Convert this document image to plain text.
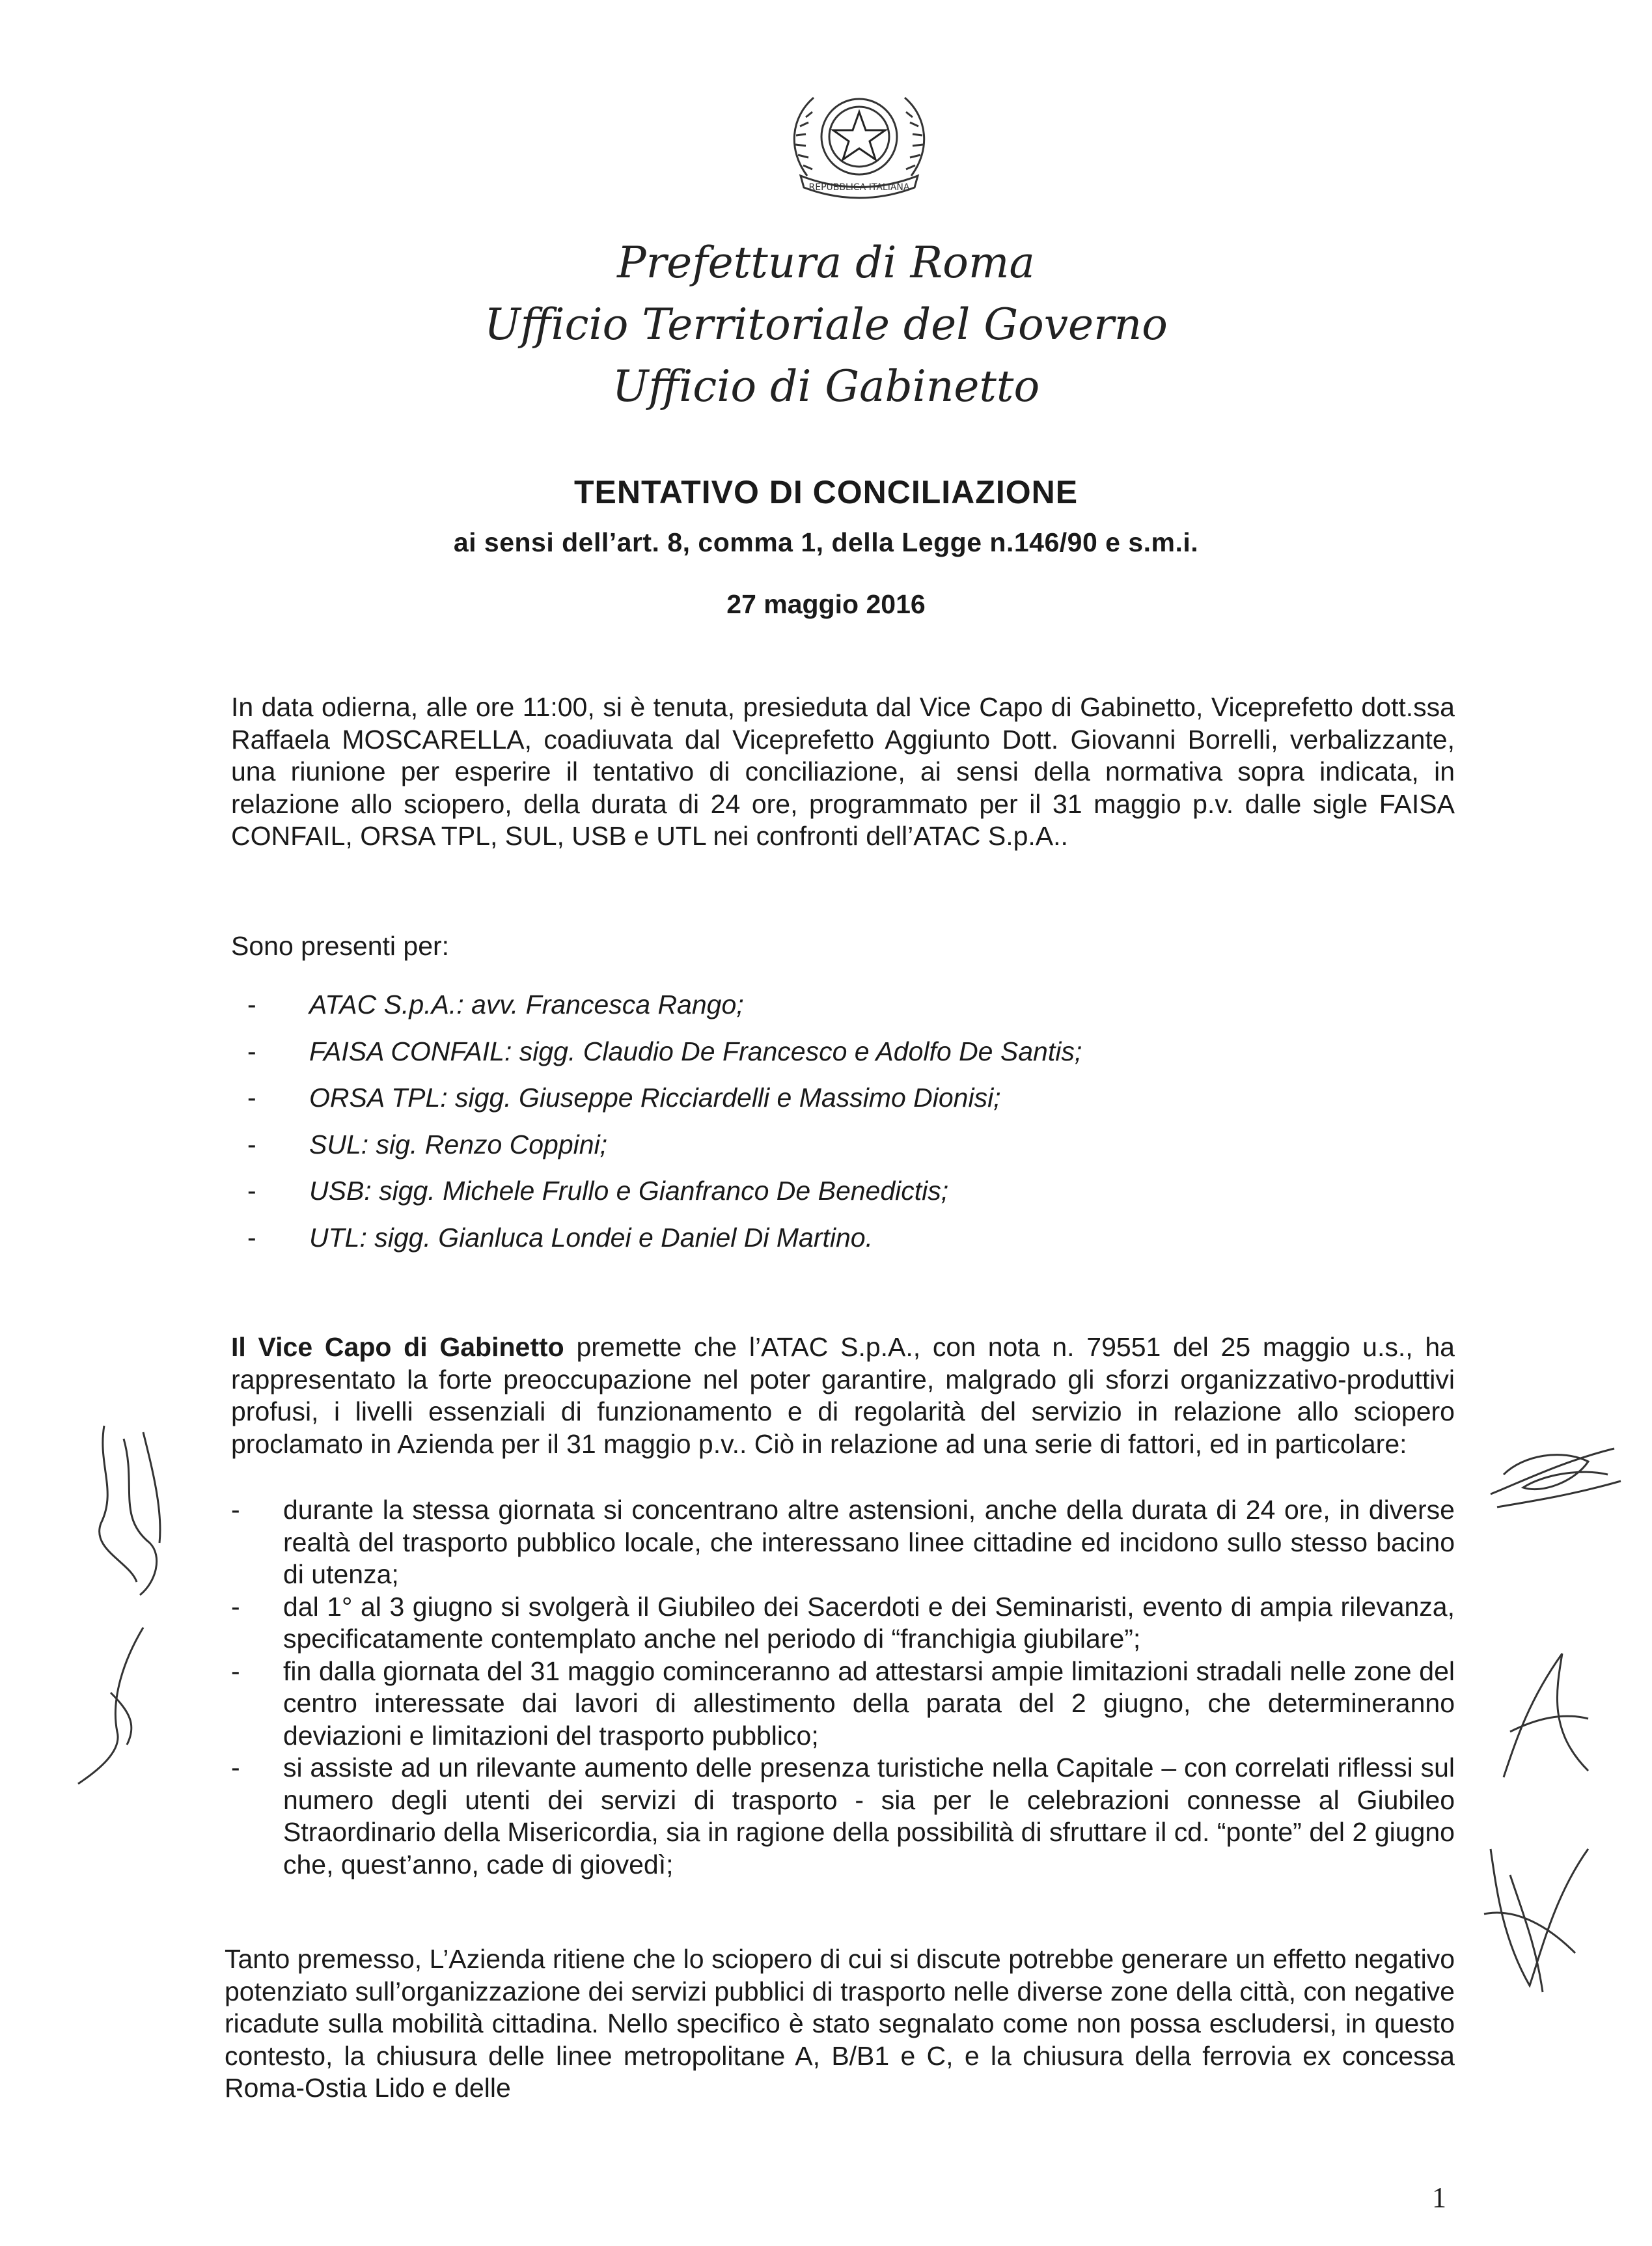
REPUBBLICA ITALIANA
Prefettura di Roma
Ufficio Territoriale del Governo
Ufficio di Gabinetto
TENTATIVO DI CONCILIAZIONE
ai sensi dell’art. 8, comma 1, della Legge n.146/90 e s.m.i.
27 maggio 2016
In data odierna, alle ore 11:00, si è tenuta, presieduta dal Vice Capo di Gabinetto, Viceprefetto dott.ssa Raffaela MOSCARELLA, coadiuvata dal Viceprefetto Aggiunto Dott. Giovanni Borrelli, verbalizzante, una riunione per esperire il tentativo di conciliazione, ai sensi della normativa sopra indicata, in relazione allo sciopero, della durata di 24 ore, programmato per il 31 maggio p.v. dalle sigle FAISA CONFAIL, ORSA TPL, SUL, USB e UTL nei confronti dell’ATAC S.p.A..
Sono presenti per:
- ATAC S.p.A.: avv. Francesca Rango;
- FAISA CONFAIL: sigg. Claudio De Francesco e Adolfo De Santis;
- ORSA TPL: sigg. Giuseppe Ricciardelli e Massimo Dionisi;
- SUL: sig. Renzo Coppini;
- USB: sigg. Michele Frullo e Gianfranco De Benedictis;
- UTL: sigg. Gianluca Londei e Daniel Di Martino.
Il Vice Capo di Gabinetto premette che l’ATAC S.p.A., con nota n. 79551 del 25 maggio u.s., ha rappresentato la forte preoccupazione nel poter garantire, malgrado gli sforzi organizzativo-produttivi profusi, i livelli essenziali di funzionamento e di regolarità del servizio in relazione allo sciopero proclamato in Azienda per il 31 maggio p.v.. Ciò in relazione ad una serie di fattori, ed in particolare:
- durante la stessa giornata si concentrano altre astensioni, anche della durata di 24 ore, in diverse realtà del trasporto pubblico locale, che interessano linee cittadine ed incidono sullo stesso bacino di utenza;
- dal 1° al 3 giugno si svolgerà il Giubileo dei Sacerdoti e dei Seminaristi, evento di ampia rilevanza, specificatamente contemplato anche nel periodo di “franchigia giubilare”;
- fin dalla giornata del 31 maggio cominceranno ad attestarsi ampie limitazioni stradali nelle zone del centro interessate dai lavori di allestimento della parata del 2 giugno, che determineranno deviazioni e limitazioni del trasporto pubblico;
- si assiste ad un rilevante aumento delle presenza turistiche nella Capitale – con correlati riflessi sul numero degli utenti dei servizi di trasporto - sia per le celebrazioni connesse al Giubileo Straordinario della Misericordia, sia in ragione della possibilità di sfruttare il cd. “ponte” del 2 giugno che, quest’anno, cade di giovedì;
Tanto premesso, L’Azienda ritiene che lo sciopero di cui si discute potrebbe generare un effetto negativo potenziato sull’organizzazione dei servizi pubblici di trasporto nelle diverse zone della città, con negative ricadute sulla mobilità cittadina. Nello specifico è stato segnalato come non possa escludersi, in questo contesto, la chiusura delle linee metropolitane A, B/B1 e C, e la chiusura della ferrovia ex concessa Roma-Ostia Lido e delle
1
